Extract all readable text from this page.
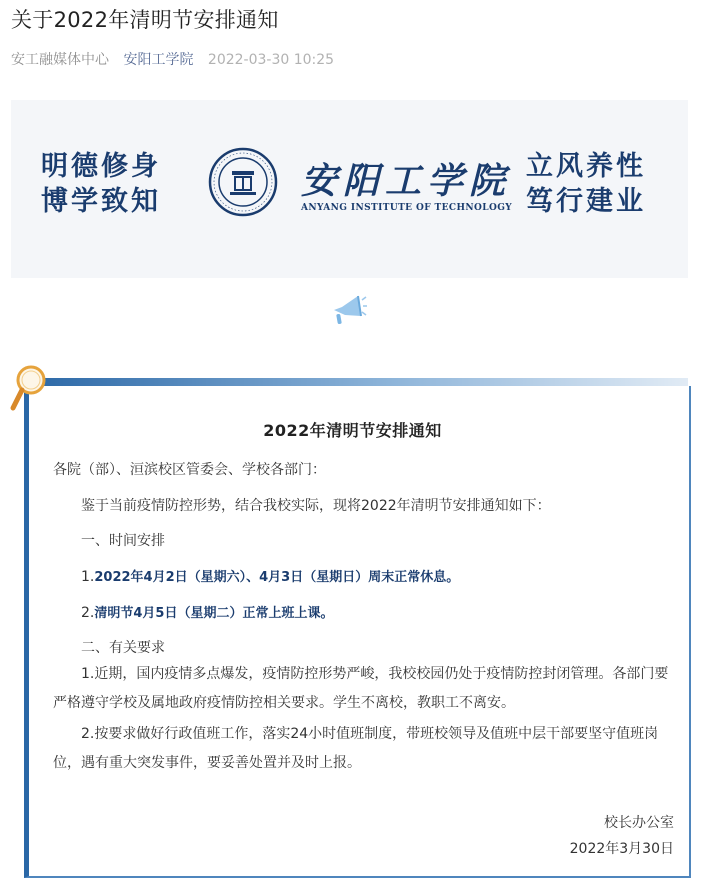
关于2022年清明节安排通知
安工融媒体中心 安阳工学院 2022-03-30 10:25
明德修身
博学致知	安阳工学院
ANYANG INSTITUTE OF TECHNOLOGY
立风养性
笃行建业
2022年清明节安排通知
各院（部）、洹滨校区管委会、学校各部门：
鉴于当前疫情防控形势，结合我校实际，现将2022年清明节安排通知如下：
一、时间安排
1.2022年4月2日（星期六）、4月3日（星期日）周末正常休息。
2.清明节4月5日（星期二）正常上班上课。
二、有关要求
1.近期，国内疫情多点爆发，疫情防控形势严峻，我校校园仍处于疫情防控封闭管理。各部门要严格遵守学校及属地政府疫情防控相关要求。学生不离校，教职工不离安。
2.按要求做好行政值班工作，落实24小时值班制度，带班校领导及值班中层干部要坚守值班岗位，遇有重大突发事件，要妥善处置并及时上报。
校长办公室
2022年3月30日
